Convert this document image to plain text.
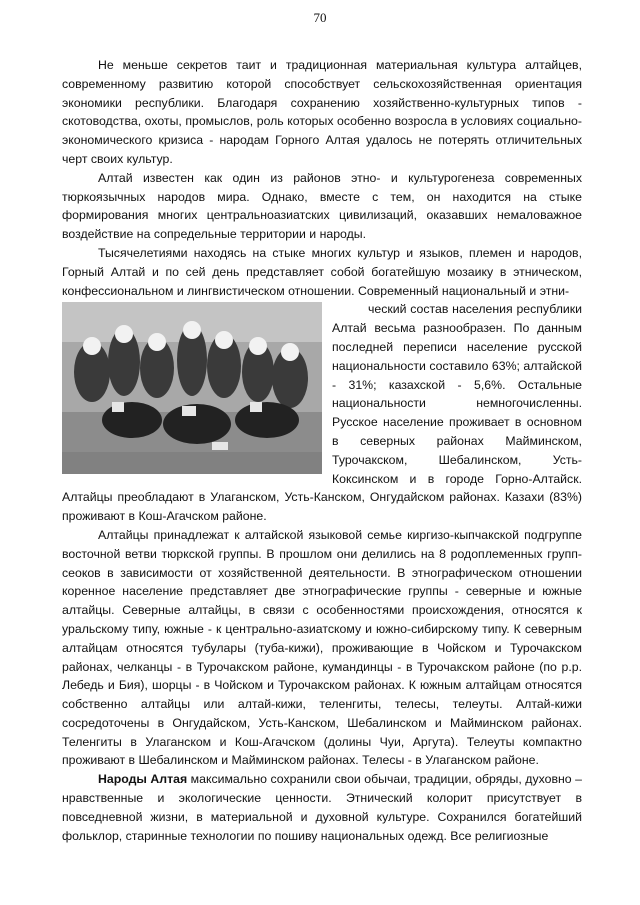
70

Не меньше секретов таит и традиционная материальная культура алтайцев, современному развитию которой способствует сельскохозяйственная ориентация экономики республики. Благодаря сохранению хозяйственно-культурных типов - скотоводства, охоты, промыслов, роль которых особенно возросла в условиях социально-экономического кризиса - народам Горного Алтая удалось не потерять отличительных черт своих культур.

Алтай известен как один из районов этно- и культурогенеза современных тюркоязычных народов мира. Однако, вместе с тем, он находится на стыке формирования многих центральноазиатских цивилизаций, оказавших немаловажное воздействие на сопредельные территории и народы.

Тысячелетиями находясь на стыке многих культур и языков, племен и народов, Горный Алтай и по сей день представляет собой богатейшую мозаику в этническом, конфессиональном и лингвистическом отношении. Современный национальный и этни-

ческий состав населения республики Алтай весьма разнообразен. По данным последней переписи население русской национальности составило 63%; алтайской - 31%; казахской - 5,6%. Остальные национальности немногочисленны. Русское население проживает в основном в северных районах Майминском, Турочакском, Шебалинском, Усть-Коксинском и в городе Горно-Алтайск. Алтайцы преобладают в Улаганском, Усть-Канском, Онгудайском районах. Казахи (83%) проживают в Кош-Агачском районе.

Алтайцы принадлежат к алтайской языковой семье киргизо-кыпчакской подгруппе восточной ветви тюркской группы. В прошлом они делились на 8 родоплеменных групп-сеоков в зависимости от хозяйственной деятельности. В этнографическом отношении коренное население представляет две этнографические группы - северные и южные алтайцы. Северные алтайцы, в связи с особенностями происхождения, относятся к уральскому типу, южные - к центрально-азиатскому и южно-сибирскому типу. К северным алтайцам относятся тубулары (туба-кижи), проживающие в Чойском и Турочакском районах, челканцы - в Турочакском районе, кумандинцы - в Турочакском районе (по р.р. Лебедь и Бия), шорцы - в Чойском и Турочакском районах. К южным алтайцам относятся собственно алтайцы или алтай-кижи, теленгиты, телесы, телеуты. Алтай-кижи сосредоточены в Онгудайском, Усть-Канском, Шебалинском и Майминском районах. Теленгиты в Улаганском и Кош-Агачском (долины Чуи, Аргута). Телеуты компактно проживают в Шебалинском и Майминском районах. Телесы - в Улаганском районе.

Народы Алтая максимально сохранили свои обычаи, традиции, обряды, духовно – нравственные и экологические ценности. Этнический колорит присутствует в повседневной жизни, в материальной и духовной культуре. Сохранился богатейший фольклор, старинные технологии по пошиву национальных одежд. Все религиозные
